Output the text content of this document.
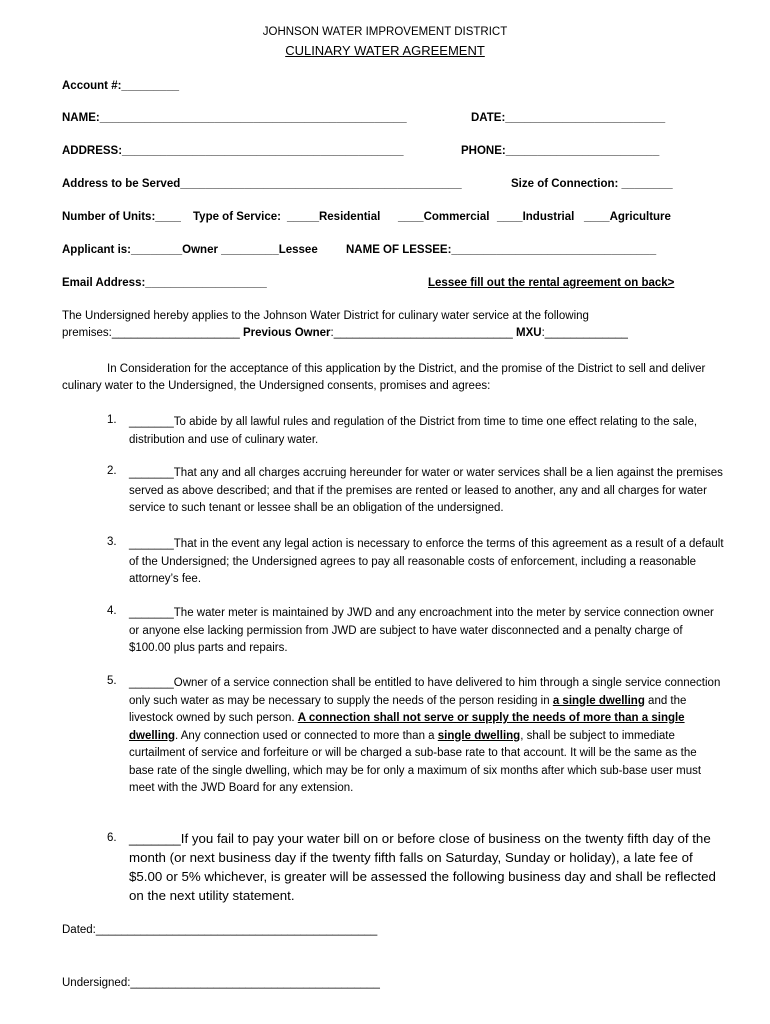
JOHNSON WATER IMPROVEMENT DISTRICT
CULINARY WATER AGREEMENT
Account #:_________
NAME:________________________________________________	DATE:_________________________
ADDRESS:____________________________________________	PHONE:________________________
Address to be Served____________________________________________	Size of Connection: ________
Number of Units:____ Type of Service: _____Residential ____Commercial ____Industrial ____Agriculture
Applicant is:________Owner _________Lessee NAME OF LESSEE:________________________________
Email Address:___________________	Lessee fill out the rental agreement on back>
The Undersigned hereby applies to the Johnson Water District for culinary water service at the following
premises:____________________ Previous Owner:____________________________ MXU:_____________
In Consideration for the acceptance of this application by the District, and the promise of the District to sell and deliver culinary water to the Undersigned, the Undersigned consents, promises and agrees:
1. _______To abide by all lawful rules and regulation of the District from time to time one effect relating to the sale, distribution and use of culinary water.
2. _______That any and all charges accruing hereunder for water or water services shall be a lien against the premises served as above described; and that if the premises are rented or leased to another, any and all charges for water service to such tenant or lessee shall be an obligation of the undersigned.
3. _______That in the event any legal action is necessary to enforce the terms of this agreement as a result of a default of the Undersigned; the Undersigned agrees to pay all reasonable costs of enforcement, including a reasonable attorney’s fee.
4. _______The water meter is maintained by JWD and any encroachment into the meter by service connection owner or anyone else lacking permission from JWD are subject to have water disconnected and a penalty charge of $100.00 plus parts and repairs.
5. _______Owner of a service connection shall be entitled to have delivered to him through a single service connection only such water as may be necessary to supply the needs of the person residing in a single dwelling and the livestock owned by such person. A connection shall not serve or supply the needs of more than a single dwelling. Any connection used or connected to more than a single dwelling, shall be subject to immediate curtailment of service and forfeiture or will be charged a sub-base rate to that account. It will be the same as the base rate of the single dwelling, which may be for only a maximum of six months after which sub-base user must meet with the JWD Board for any extension.
6. _______If you fail to pay your water bill on or before close of business on the twenty fifth day of the month (or next business day if the twenty fifth falls on Saturday, Sunday or holiday), a late fee of $5.00 or 5% whichever, is greater will be assessed the following business day and shall be reflected on the next utility statement.
Dated:____________________________________________
Undersigned:_______________________________________
